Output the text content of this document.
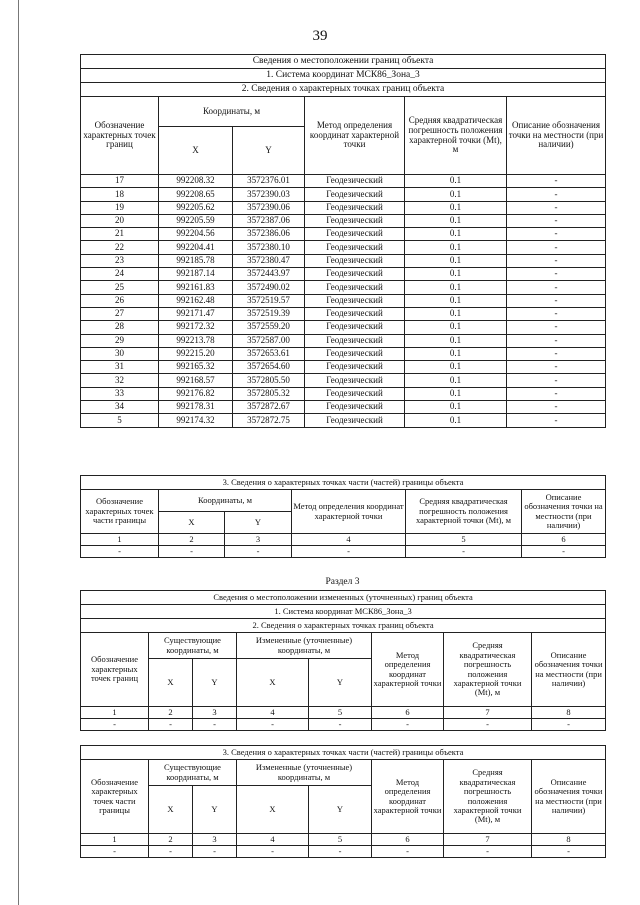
39
Сведения о местоположении границ объекта					
1. Система координат МСК86_Зона_3					
2. Сведения о характерных точках границ объекта					
Обозначение характерных точек границ	Координаты, м		Метод определения координат характерной точки	Средняя квадратическая погрешность положения характерной точки (Mt), м	Описание обозначения точки на местности (при наличии)
	X	Y			
17	992208.32	3572376.01	Геодезический	0.1	-
18	992208.65	3572390.03	Геодезический	0.1	-
19	992205.62	3572390.06	Геодезический	0.1	-
20	992205.59	3572387.06	Геодезический	0.1	-
21	992204.56	3572386.06	Геодезический	0.1	-
22	992204.41	3572380.10	Геодезический	0.1	-
23	992185.78	3572380.47	Геодезический	0.1	-
24	992187.14	3572443.97	Геодезический	0.1	-
25	992161.83	3572490.02	Геодезический	0.1	-
26	992162.48	3572519.57	Геодезический	0.1	-
27	992171.47	3572519.39	Геодезический	0.1	-
28	992172.32	3572559.20	Геодезический	0.1	-
29	992213.78	3572587.00	Геодезический	0.1	-
30	992215.20	3572653.61	Геодезический	0.1	-
31	992165.32	3572654.60	Геодезический	0.1	-
32	992168.57	3572805.50	Геодезический	0.1	-
33	992176.82	3572805.32	Геодезический	0.1	-
34	992178.31	3572872.67	Геодезический	0.1	-
5	992174.32	3572872.75	Геодезический	0.1	-
3. Сведения о характерных точках части (частей) границы объекта					
Обозначение характерных точек части границы	Координаты, м		Метод определения координат характерной точки	Средняя квадратическая погрешность положения характерной точки (Mt), м	Описание обозначения точки на местности (при наличии)
	X	Y			
1	2	3	4	5	6
-	-	-	-	-	-
Раздел 3
Сведения о местоположении измененных (уточненных) границ объекта							
1. Система координат МСК86_Зона_3							
2. Сведения о характерных точках границ объекта							
Обозначение характерных точек границ	Существующие координаты, м		Измененные (уточненные) координаты, м		Метод определения координат характерной точки	Средняя квадратическая погрешность положения характерной точки (Mt), м	Описание обозначения точки на местности (при наличии)
	X	Y	X	Y			
1	2	3	4	5	6	7	8
-	-	-	-	-	-	-	-
3. Сведения о характерных точках части (частей) границы объекта							
Обозначение характерных точек части границы	Существующие координаты, м		Измененные (уточненные) координаты, м		Метод определения координат характерной точки	Средняя квадратическая погрешность положения характерной точки (Mt), м	Описание обозначения точки на местности (при наличии)
	X	Y	X	Y			
1	2	3	4	5	6	7	8
-	-	-	-	-	-	-	-
